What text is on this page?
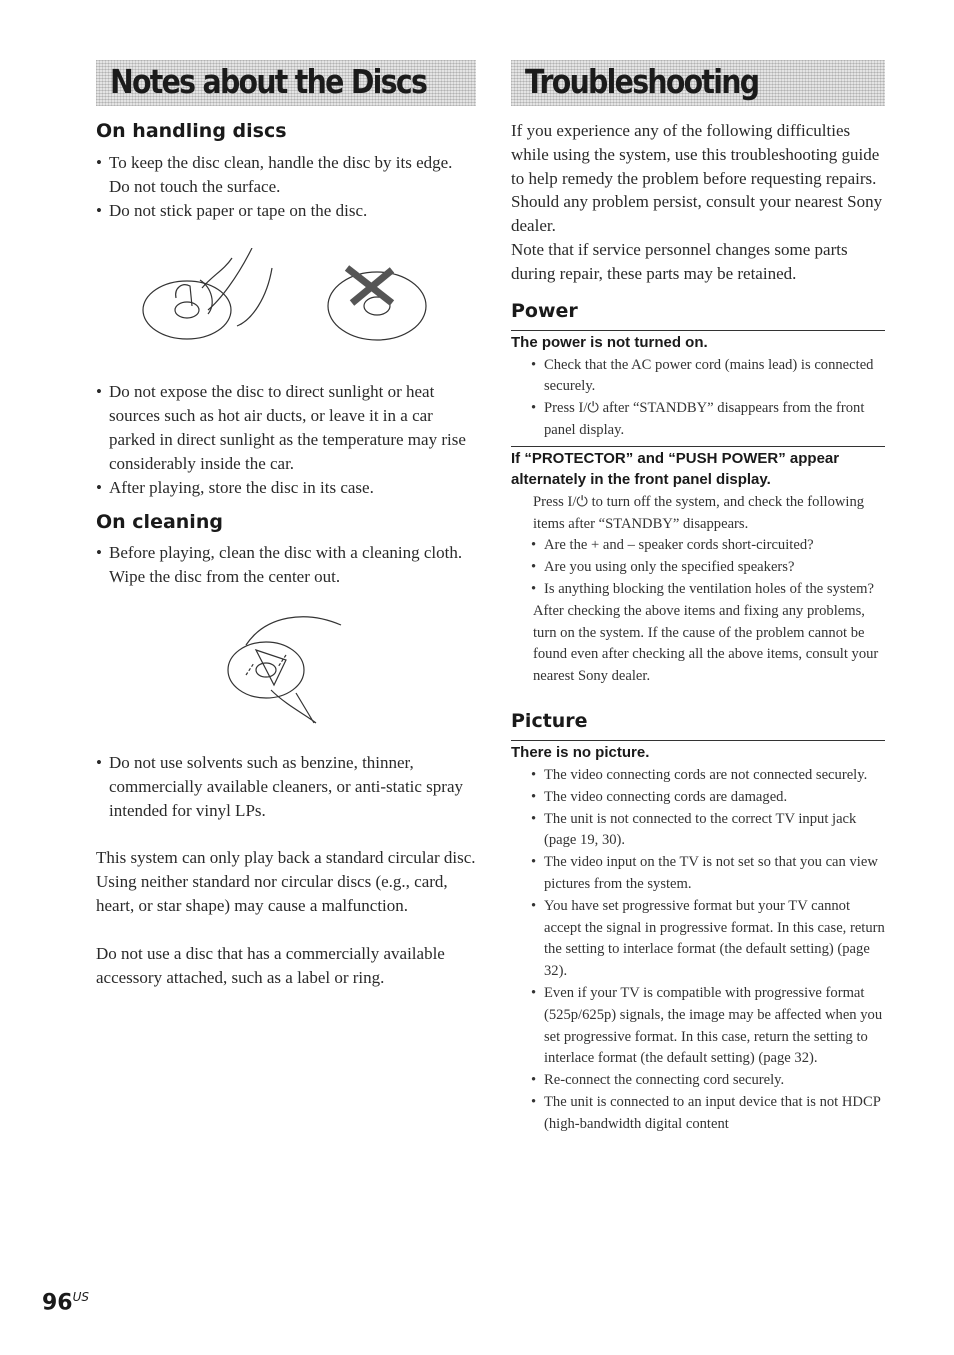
Notes about the Discs
On handling discs
• To keep the disc clean, handle the disc by its edge. Do not touch the surface.
• Do not stick paper or tape on the disc.
• Do not expose the disc to direct sunlight or heat sources such as hot air ducts, or leave it in a car parked in direct sunlight as the temperature may rise considerably inside the car.
• After playing, store the disc in its case.
On cleaning
• Before playing, clean the disc with a cleaning cloth.

Wipe the disc from the center out.

• Do not use solvents such as benzine, thinner, commercially available cleaners, or anti-static spray intended for vinyl LPs.

This system can only play back a standard circular disc. Using neither standard nor circular discs (e.g., card, heart, or star shape) may cause a malfunction.

Do not use a disc that has a commercially available accessory attached, such as a label or ring.

Troubleshooting

If you experience any of the following difficulties while using the system, use this troubleshooting guide to help remedy the problem before requesting repairs. Should any problem persist, consult your nearest Sony dealer.

Note that if service personnel changes some parts during repair, these parts may be retained.

Power
The power is not turned on.
• Check that the AC power cord (mains lead) is connected securely.
• Press I/⏻ after “STANDBY” disappears from the front panel display.
If “PROTECTOR” and “PUSH POWER” appear alternately in the front panel display.

Press I/⏻ to turn off the system, and check the following items after “STANDBY” disappears.

• Are the + and – speaker cords short-circuited?
• Are you using only the specified speakers?
• Is anything blocking the ventilation holes of the system?

After checking the above items and fixing any problems, turn on the system. If the cause of the problem cannot be found even after checking all the above items, consult your nearest Sony dealer.

Picture
There is no picture.
• The video connecting cords are not connected securely.
• The video connecting cords are damaged.
• The unit is not connected to the correct TV input jack (page 19, 30).
• The video input on the TV is not set so that you can view pictures from the system.
• You have set progressive format but your TV cannot accept the signal in progressive format. In this case, return the setting to interlace format (the default setting) (page 32).
• Even if your TV is compatible with progressive format (525p/625p) signals, the image may be affected when you set progressive format. In this case, return the setting to interlace format (the default setting) (page 32).
• Re-connect the connecting cord securely.
• The unit is connected to an input device that is not HDCP (high-bandwidth digital content
$96^{US}$
